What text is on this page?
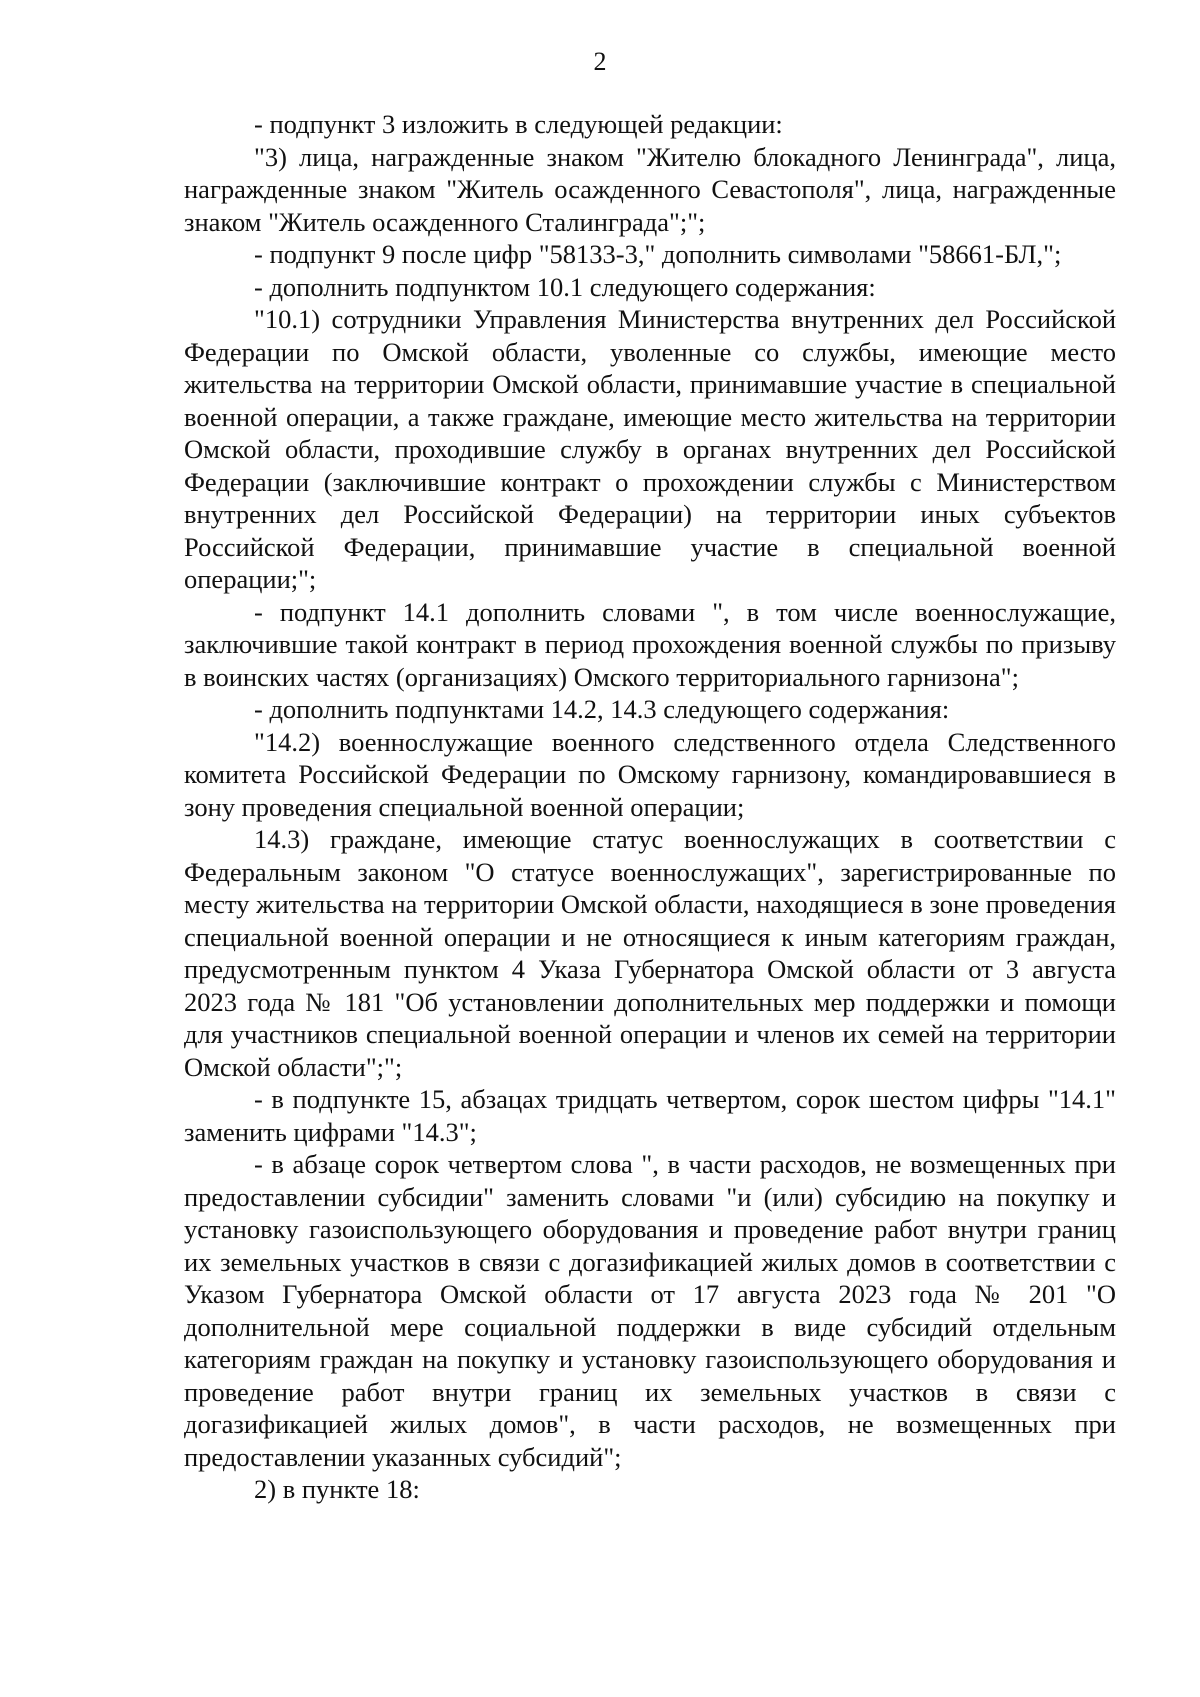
2

- подпункт 3 изложить в следующей редакции:

"3) лица, награжденные знаком "Жителю блокадного Ленинграда", лица, награжденные знаком "Житель осажденного Севастополя", лица, награжденные знаком "Житель осажденного Сталинграда";";

- подпункт 9 после цифр "58133-3," дополнить символами "58661-БЛ,";

- дополнить подпунктом 10.1 следующего содержания:

"10.1) сотрудники Управления Министерства внутренних дел Российской Федерации по Омской области, уволенные со службы, имеющие место жительства на территории Омской области, принимавшие участие в специальной военной операции, а также граждане, имеющие место жительства на территории Омской области, проходившие службу в органах внутренних дел Российской Федерации (заключившие контракт о прохождении службы с Министерством внутренних дел Российской Федерации) на территории иных субъектов Российской Федерации, принимавшие участие в специальной военной операции;";

- подпункт 14.1 дополнить словами ", в том числе военнослужащие, заключившие такой контракт в период прохождения военной службы по призыву в воинских частях (организациях) Омского территориального гарнизона";

- дополнить подпунктами 14.2, 14.3 следующего содержания:

"14.2) военнослужащие военного следственного отдела Следственного комитета Российской Федерации по Омскому гарнизону, командировавшиеся в зону проведения специальной военной операции;

14.3) граждане, имеющие статус военнослужащих в соответствии с Федеральным законом "О статусе военнослужащих", зарегистрированные по месту жительства на территории Омской области, находящиеся в зоне проведения специальной военной операции и не относящиеся к иным категориям граждан, предусмотренным пунктом 4 Указа Губернатора Омской области от 3 августа 2023 года № 181 "Об установлении дополнительных мер поддержки и помощи для участников специальной военной операции и членов их семей на территории Омской области";";

- в подпункте 15, абзацах тридцать четвертом, сорок шестом цифры "14.1" заменить цифрами "14.3";

- в абзаце сорок четвертом слова ", в части расходов, не возмещенных при предоставлении субсидии" заменить словами "и (или) субсидию на покупку и установку газоиспользующего оборудования и проведение работ внутри границ их земельных участков в связи с догазификацией жилых домов в соответствии с Указом Губернатора Омской области от 17 августа 2023 года № 201 "О дополнительной мере социальной поддержки в виде субсидий отдельным категориям граждан на покупку и установку газоиспользующего оборудования и проведение работ внутри границ их земельных участков в связи с догазификацией жилых домов", в части расходов, не возмещенных при предоставлении указанных субсидий";

2) в пункте 18:
